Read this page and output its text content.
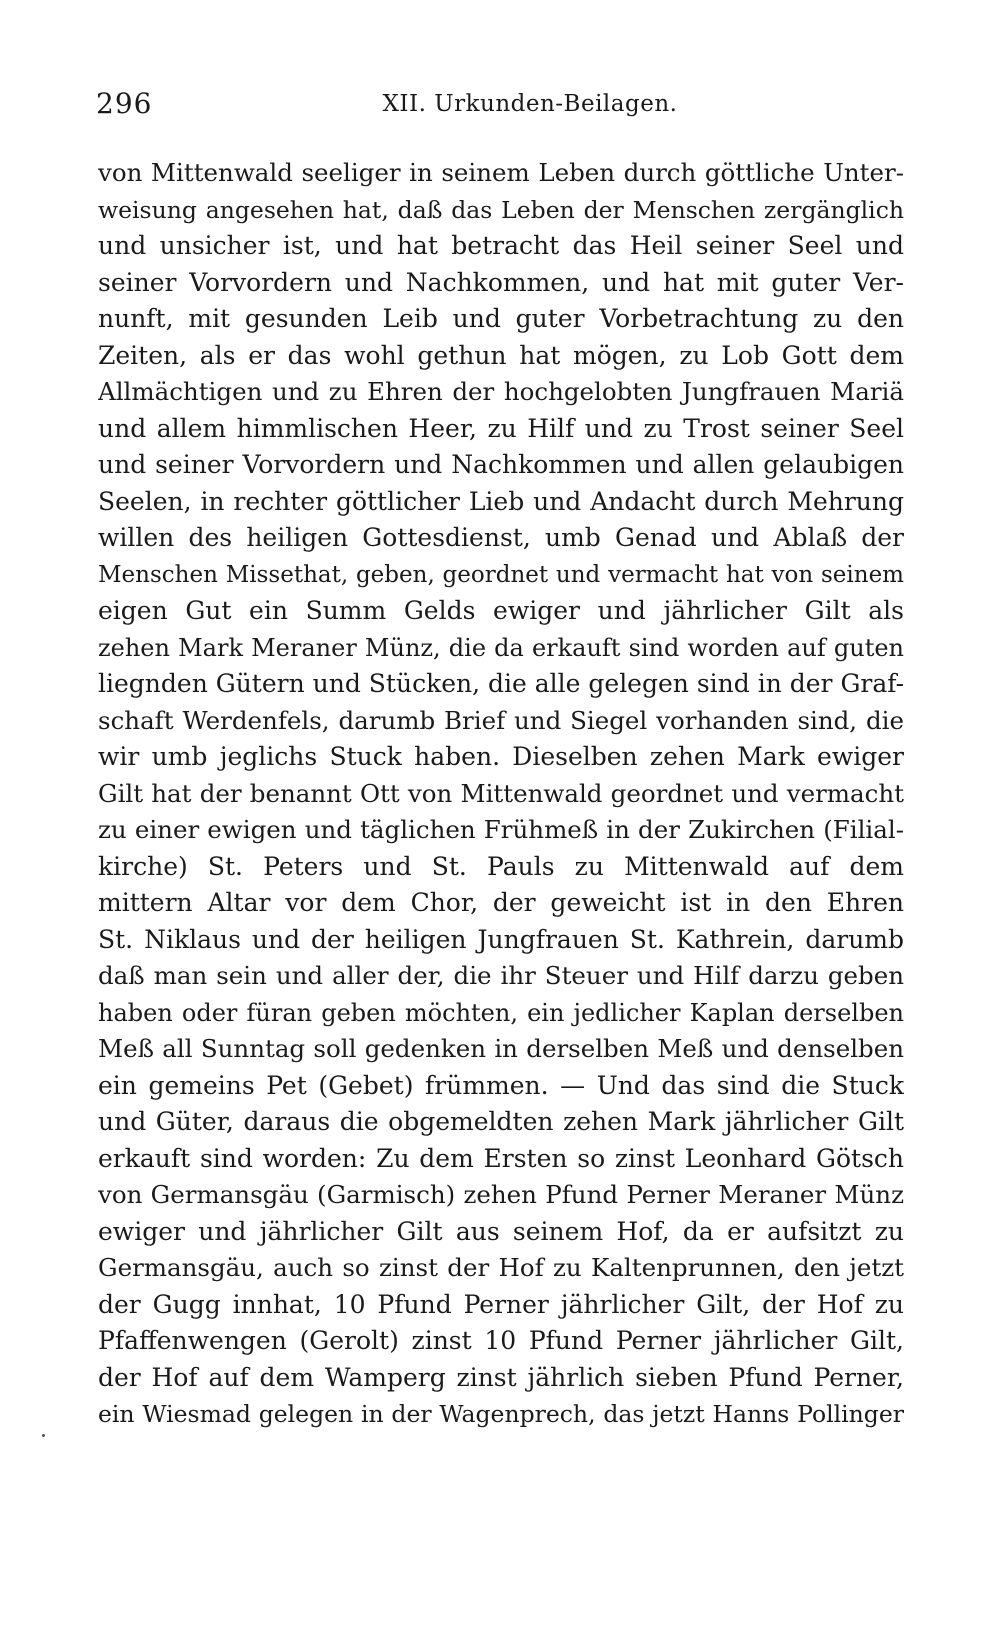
296	XII. Urkunden-Beilagen.
von Mittenwald seeliger in seinem Leben durch göttliche Unter-
weisung angesehen hat, daß das Leben der Menschen zergänglich
und unsicher ist, und hat betracht das Heil seiner Seel und
seiner Vorvordern und Nachkommen, und hat mit guter Ver-
nunft, mit gesunden Leib und guter Vorbetrachtung zu den
Zeiten, als er das wohl gethun hat mögen, zu Lob Gott dem
Allmächtigen und zu Ehren der hochgelobten Jungfrauen Mariä
und allem himmlischen Heer, zu Hilf und zu Trost seiner Seel
und seiner Vorvordern und Nachkommen und allen gelaubigen
Seelen, in rechter göttlicher Lieb und Andacht durch Mehrung
willen des heiligen Gottesdienst, umb Genad und Ablaß der
Menschen Missethat, geben, geordnet und vermacht hat von seinem
eigen Gut ein Summ Gelds ewiger und jährlicher Gilt als
zehen Mark Meraner Münz, die da erkauft sind worden auf guten
liegnden Gütern und Stücken, die alle gelegen sind in der Graf-
schaft Werdenfels, darumb Brief und Siegel vorhanden sind, die
wir umb jeglichs Stuck haben. Dieselben zehen Mark ewiger
Gilt hat der benannt Ott von Mittenwald geordnet und vermacht
zu einer ewigen und täglichen Frühmeß in der Zukirchen (Filial-
kirche) St. Peters und St. Pauls zu Mittenwald auf dem
mittern Altar vor dem Chor, der geweicht ist in den Ehren
St. Niklaus und der heiligen Jungfrauen St. Kathrein, darumb
daß man sein und aller der, die ihr Steuer und Hilf darzu geben
haben oder füran geben möchten, ein jedlicher Kaplan derselben
Meß all Sunntag soll gedenken in derselben Meß und denselben
ein gemeins Pet (Gebet) frümmen. — Und das sind die Stuck
und Güter, daraus die obgemeldten zehen Mark jährlicher Gilt
erkauft sind worden: Zu dem Ersten so zinst Leonhard Götsch
von Germansgäu (Garmisch) zehen Pfund Perner Meraner Münz
ewiger und jährlicher Gilt aus seinem Hof, da er aufsitzt zu
Germansgäu, auch so zinst der Hof zu Kaltenprunnen, den jetzt
der Gugg innhat, 10 Pfund Perner jährlicher Gilt, der Hof zu
Pfaffenwengen (Gerolt) zinst 10 Pfund Perner jährlicher Gilt,
der Hof auf dem Wamperg zinst jährlich sieben Pfund Perner,
ein Wiesmad gelegen in der Wagenprech, das jetzt Hanns Pollinger
